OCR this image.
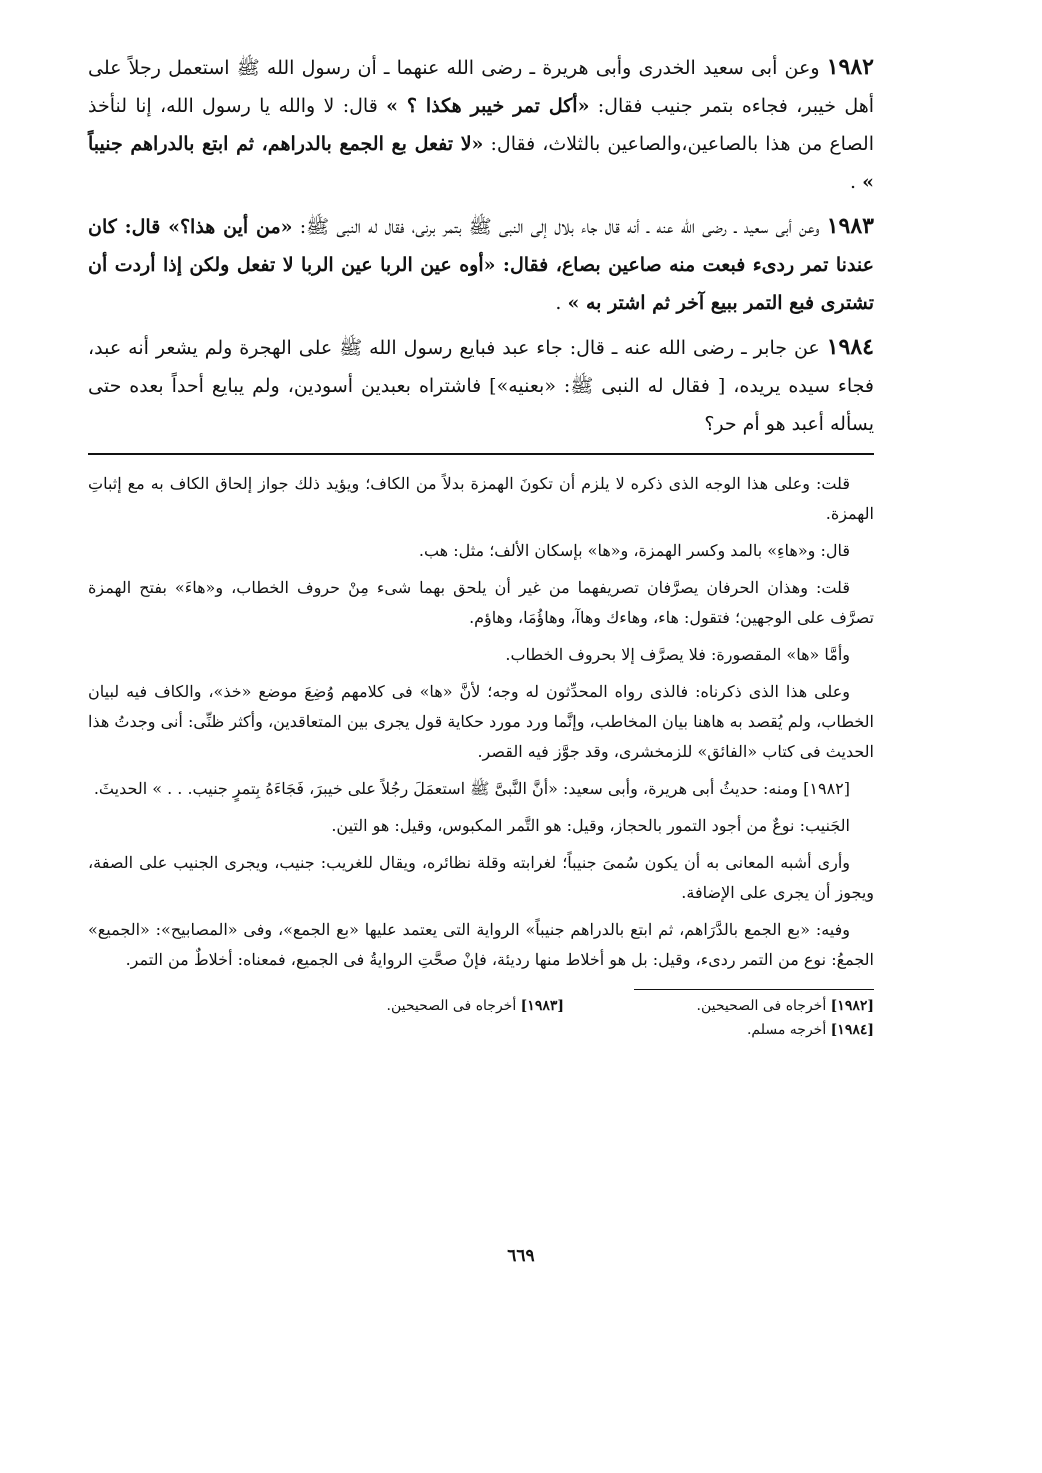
١٩٨٢ وعن أبى سعيد الخدرى وأبى هريرة ـ رضى الله عنهما ـ أن رسول الله ﷺ استعمل رجلاً على أهل خيبر، فجاءه بتمر جنيب فقال: «أكل تمر خيبر هكذا ؟ » قال: لا والله يا رسول الله، إنا لنأخذ الصاع من هذا بالصاعين،والصاعين بالثلاث، فقال: «لا تفعل بع الجمع بالدراهم، ثم ابتع بالدراهم جنيباً » .

١٩٨٣ وعن أبى سعيد ـ رضى الله عنه ـ أنه قال جاء بلال إلى النبى ﷺ بتمر برنى، فقال له النبى ﷺ: «من أين هذا؟» قال: كان عندنا تمر ردىء فبعت منه صاعين بصاع، فقال: «أوه عين الربا عين الربا لا تفعل ولكن إذا أردت أن تشترى فبع التمر ببيع آخر ثم اشتر به » .

١٩٨٤ عن جابر ـ رضى الله عنه ـ قال: جاء عبد فبايع رسول الله ﷺ على الهجرة ولم يشعر أنه عبد، فجاء سيده يريده، [ فقال له النبى ﷺ: «بعنيه»] فاشتراه بعبدين أسودين، ولم يبايع أحداً بعده حتى يسأله أعبد هو أم حر؟

قلت: وعلى هذا الوجه الذى ذكره لا يلزم أن تكونَ الهمزة بدلاً من الكاف؛ ويؤيد ذلك جواز إلحاق الكاف به مع إثباتِ الهمزة.

قال: و«هاءِ» بالمد وكسر الهمزة، و«ها» بإسكان الألف؛ مثل: هب.

قلت: وهذان الحرفان يصرَّفان تصريفهما من غير أن يلحق بهما شىء مِنْ حروف الخطاب، و«هاءَ» بفتح الهمزة تصرَّف على الوجهين؛ فتقول: هاء، وهاءك وهاآ، وهاؤُمَا، وهاؤم.

وأمَّا «ها» المقصورة: فلا يصرَّف إلا بحروف الخطاب.

وعلى هذا الذى ذكرناه: فالذى رواه المحدِّثون له وجه؛ لأنَّ «ها» فى كلامهم وُضِعَ موضع «خذ»، والكاف فيه لبيان الخطاب، ولم يُقصد به هاهنا بيان المخاطب، وإنَّما ورد مورد حكاية قول يجرى بين المتعاقدين، وأكثر ظنِّى: أنى وجدتُ هذا الحديث فى كتاب «الفائق» للزمخشرى، وقد جوَّز فيه القصر.

[١٩٨٢] ومنه: حديثُ أبى هريرة، وأبى سعيد: «أنَّ النَّبىَّ ﷺ استعمَلَ رجُلاً على خيبرَ، فَجَاءَهُ بِتمرٍ جنيب. . . » الحديثَ.

الجَنيب: نوعٌ من أجود التمور بالحجاز، وقيل: هو التَّمر المكبوس، وقيل: هو التين.

وأرى أشبه المعانى به أن يكون سُمىَ جنيباً؛ لغرابته وقلة نظائره، ويقال للغريب: جنيب، ويجرى الجنيب على الصفة، ويجوز أن يجرى على الإضافة.

وفيه: «بع الجمع بالدَّرَاهم، ثم ابتع بالدراهم جنيباً» الرواية التى يعتمد عليها «بع الجمع»، وفى «المصابيح»: «الجميع» الجمعُ: نوع من التمر ردىء، وقيل: بل هو أخلاط منها رديئة، فإنْ صحَّتِ الروايةُ فى الجميع، فمعناه: أخلاطٌ من التمر.

[١٩٨٢] أخرجاه فى الصحيحين.
[١٩٨٣] أخرجاه فى الصحيحين.
[١٩٨٤] أخرجه مسلم.
٦٦٩
